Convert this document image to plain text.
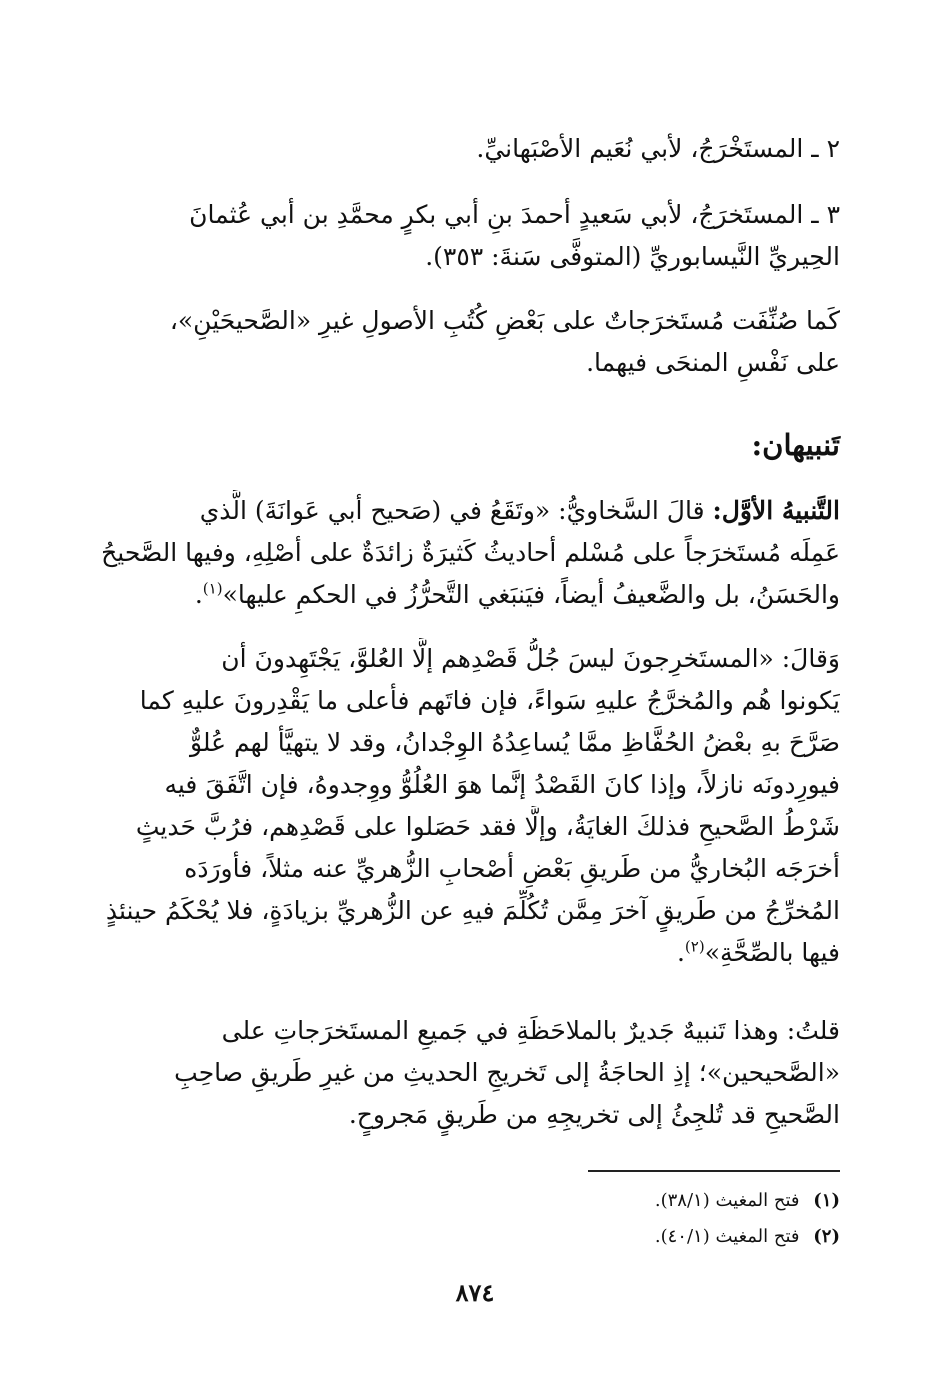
٢ ـ المستَخْرَجُ، لأبي نُعَيم الأصْبَهانيِّ.

٣ ـ المستَخرَجُ، لأبي سَعيدٍ أحمدَ بنِ أبي بكرٍ محمَّدِ بن أبي عُثمانَ
الحِيريِّ النَّيسابوريِّ (المتوفَّى سَنةَ: ٣٥٣).

كَما صُنِّفَت مُستَخرَجاتٌ على بَعْضِ كُتُبِ الأصولِ غيرِ «الصَّحيحَيْنِ»،
على نَفْسِ المنحَى فيهما.

تَنبيهان:

التَّنبيهُ الأوَّل: قالَ السَّخاويُّ: «وتَقَعُ في (صَحيح أبي عَوانَةَ) الَّذي
عَمِلَه مُستَخرَجاً على مُسْلم أحاديثُ كَثيرَةٌ زائدَةٌ على أصْلِهِ، وفيها الصَّحيحُ
والحَسَنُ، بل والضَّعيفُ أيضاً، فيَنبَغي التَّحرُّزُ في الحكمِ عليها»$^{(١)}$.

وَقالَ: «المستَخرِجونَ ليسَ جُلُّ قَصْدِهم إلَّا العُلوَّ، يَجْتَهِدونَ أن
يَكونوا هُم والمُخرَّجُ عليهِ سَواءً، فإن فاتَهم فأعلى ما يَقْدِرونَ عليهِ كما
صَرَّحَ بهِ بعْضُ الحُفَّاظِ ممَّا يُساعِدُهُ الوِجْدانُ، وقد لا يتهيَّأ لهم عُلوٌّ
فيورِدونَه نازلاً، وإذا كانَ القَصْدُ إنَّما هوَ العُلُوُّ ووِجدوهُ، فإن اتَّفَقَ فيه
شَرْطُ الصَّحيحِ فذلكَ الغايَةُ، وإلَّا فقد حَصَلوا على قَصْدِهم، فرُبَّ حَديثٍ
أخرَجَه البُخاريُّ من طَريقِ بَعْضِ أصْحابِ الزُّهريِّ عنه مثلاً، فأورَدَه
المُخرِّجُ من طَريقٍ آخرَ مِمَّن تُكُلِّمَ فيهِ عن الزُّهريِّ بزيادَةٍ، فلا يُحْكَمُ حينئذٍ
فيها بالصِّحَّةِ»$^{(٢)}$.

قلتُ: وهذا تَنبيهٌ جَديرٌ بالملاحَظَةِ في جَميعِ المستَخرَجاتِ على
«الصَّحيحين»؛ إذِ الحاجَةُ إلى تَخريجِ الحديثِ من غيرِ طَريقِ صاحِبِ
الصَّحيحِ قد تُلجِئُ إلى تخريجِهِ من طَريقٍ مَجروحٍ.

(١) فتح المغيث (٣٨/١).
(٢) فتح المغيث (٤٠/١).
٨٧٤
